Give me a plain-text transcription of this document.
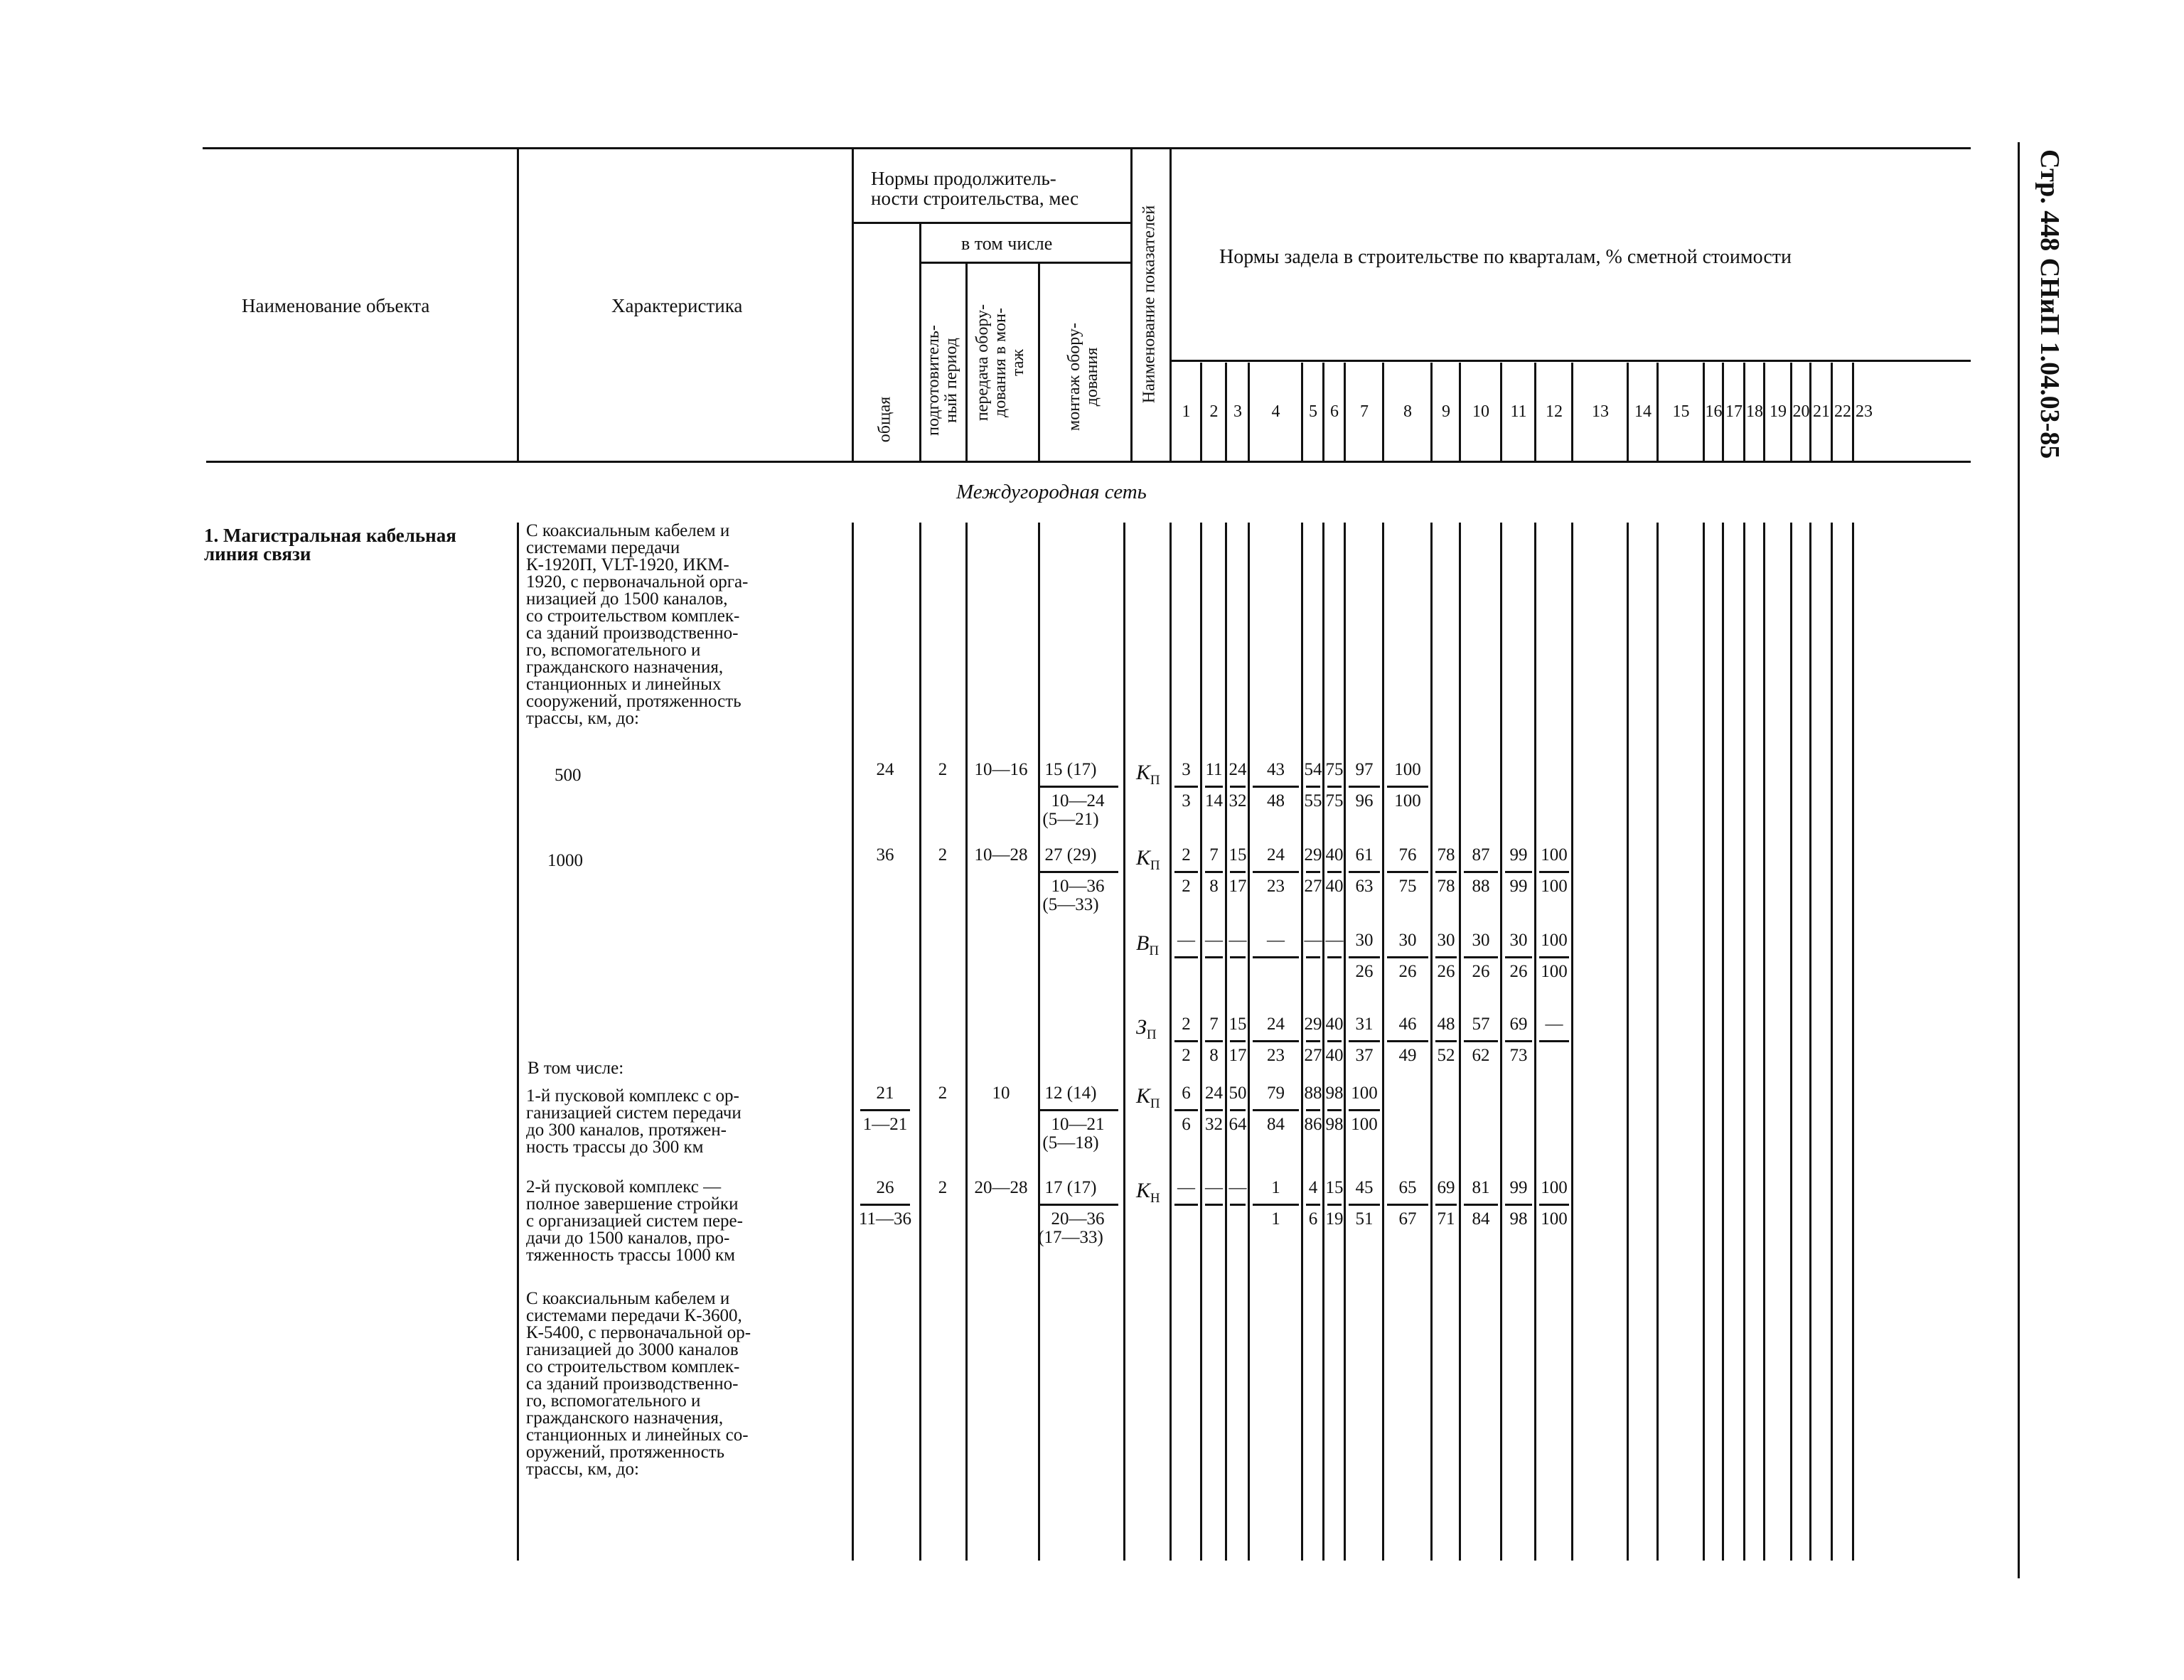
Стр. 448 СНиП 1.04.03-85
Наименование объекта	Характеристика
Нормы продолжитель-
ности строительства, мес
в том числе
Нормы задела в строительстве по кварталам, % сметной стоимости
общая подготовитель-
ный период передача обору-
дования в мон-
таж монтаж обору-
дования Наименование показателей
1 2 3 4 5 6 7 8 9 10 11 12 13 14 15 16 17 18 19 20 21 22 23
Междугородная сеть
1. Магистральная кабельная
линия связи
С коаксиальным кабелем и
системами передачи
К-1920П, VLT-1920, ИКМ-
1920, с первоначальной орга-
низацией до 1500 каналов,
со строительством комплек-
са зданий производственно-
го, вспомогательного и
гражданского назначения,
станционных и линейных
сооружений, протяженность
трассы, км, до:
500
1000
В том числе:
1-й пусковой комплекс с ор-
ганизацией систем передачи
до 300 каналов, протяжен-
ность трассы до 300 км
2-й пусковой комплекс —
полное завершение стройки
с организацией систем пере-
дачи до 1500 каналов, про-
тяженность трассы 1000 км
С коаксиальным кабелем и
системами передачи К-3600,
К-5400, с первоначальной ор-
ганизацией до 3000 каналов
со строительством комплек-
са зданий производственно-
го, вспомогательного и
гражданского назначения,
станционных и линейных со-
оружений, протяженность
трассы, км, до:
24 2 10—16 15 (17)
10—24
(5—21)
$К_П$
3
3
11
14
24
32
43
48
54
55
75
75
97
96
100
100
36 2 10—28 27 (29)
10—36
(5—33)
$К_П$
2
2
7
8
15
17
24
23
29
27
40
40
61
63
76
75
78
78
87
88
99
99
100
100
$В_П$
— — — — — — 30
26
30
26
30
26
30
26
30
26
100
100
$З_П$
2
2
7
8
15
17
24
23
29
27
40
40
31
37
46
49
48
52
57
62
69
73
—
21
1—21
2	10 12 (14)
10—21
(5—18)
$К_П$
6
6
24
32
50
64
79
84
88
86
98
98
100
100
26
11—36
2 20—28 17 (17)
20—36
(17—33)
$К_Н$
— — — 1
1
4
6
15
19
45
51
65
67
69
71
81
84
99
98
100
100
